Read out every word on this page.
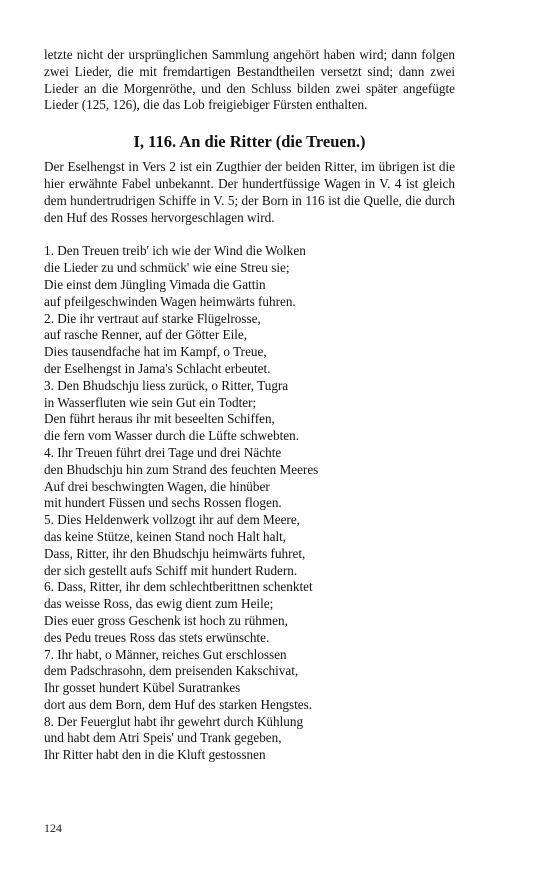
letzte nicht der ursprünglichen Sammlung angehört haben wird; dann folgen zwei Lieder, die mit fremdartigen Bestandtheilen versetzt sind; dann zwei Lieder an die Morgenröthe, und den Schluss bilden zwei später angefügte Lieder (125, 126), die das Lob freigiebiger Fürsten enthalten.

I, 116. An die Ritter (die Treuen.)

Der Eselhengst in Vers 2 ist ein Zugthier der beiden Ritter, im übrigen ist die hier erwähnte Fabel unbekannt. Der hundertfüssige Wagen in V. 4 ist gleich dem hundertrudrigen Schiffe in V. 5; der Born in 116 ist die Quelle, die durch den Huf des Rosses hervorgeschlagen wird.

1. Den Treuen treib' ich wie der Wind die Wolken
die Lieder zu und schmück' wie eine Streu sie;
Die einst dem Jüngling Vimada die Gattin
auf pfeilgeschwinden Wagen heimwärts fuhren.
2. Die ihr vertraut auf starke Flügelrosse,
auf rasche Renner, auf der Götter Eile,
Dies tausendfache hat im Kampf, o Treue,
der Eselhengst in Jama's Schlacht erbeutet.
3. Den Bhudschju liess zurück, o Ritter, Tugra
in Wasserfluten wie sein Gut ein Todter;
Den führt heraus ihr mit beseelten Schiffen,
die fern vom Wasser durch die Lüfte schwebten.
4. Ihr Treuen führt drei Tage und drei Nächte
den Bhudschju hin zum Strand des feuchten Meeres
Auf drei beschwingten Wagen, die hinüber
mit hundert Füssen und sechs Rossen flogen.
5. Dies Heldenwerk vollzogt ihr auf dem Meere,
das keine Stütze, keinen Stand noch Halt halt,
Dass, Ritter, ihr den Bhudschju heimwärts fuhret,
der sich gestellt aufs Schiff mit hundert Rudern.
6. Dass, Ritter, ihr dem schlechtberittnen schenktet
das weisse Ross, das ewig dient zum Heile;
Dies euer gross Geschenk ist hoch zu rühmen,
des Pedu treues Ross das stets erwünschte.
7. Ihr habt, o Männer, reiches Gut erschlossen
dem Padschrasohn, dem preisenden Kakschivat,
Ihr gosset hundert Kübel Suratrankes
dort aus dem Born, dem Huf des starken Hengstes.
8. Der Feuerglut habt ihr gewehrt durch Kühlung
und habt dem Atri Speis' und Trank gegeben,
Ihr Ritter habt den in die Kluft gestossnen
124
